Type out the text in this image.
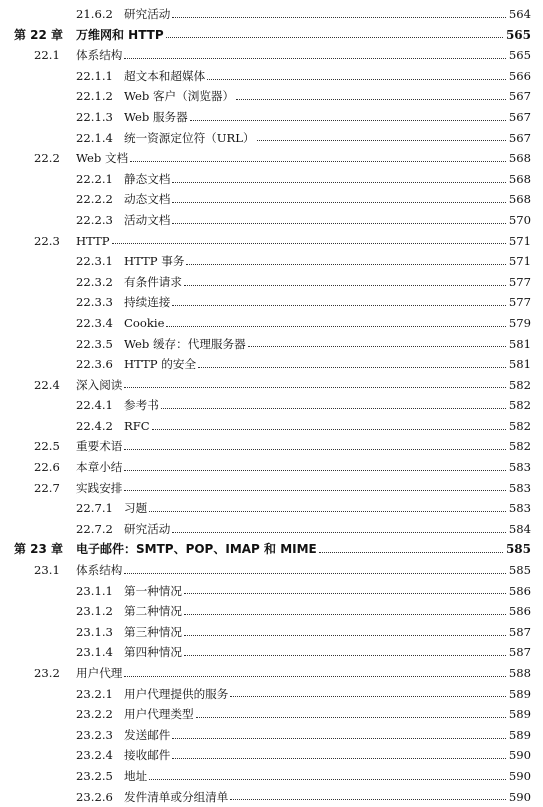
21.6.2 研究活动	564
第 22 章 万维网和 HTTP	565
22.1 体系结构	565
22.1.1 超文本和超媒体	566
22.1.2 Web 客户（浏览器）	567
22.1.3 Web 服务器	567
22.1.4 统一资源定位符（URL）	567
22.2 Web 文档	568
22.2.1 静态文档	568
22.2.2 动态文档	568
22.2.3 活动文档	570
22.3 HTTP	571
22.3.1 HTTP 事务	571
22.3.2 有条件请求	577
22.3.3 持续连接	577
22.3.4 Cookie	579
22.3.5 Web 缓存：代理服务器	581
22.3.6 HTTP 的安全	581
22.4 深入阅读	582
22.4.1 参考书	582
22.4.2 RFC	582
22.5 重要术语	582
22.6 本章小结	583
22.7 实践安排	583
22.7.1 习题	583
22.7.2 研究活动	584
第 23 章 电子邮件：SMTP、POP、IMAP 和 MIME	585
23.1 体系结构	585
23.1.1 第一种情况	586
23.1.2 第二种情况	586
23.1.3 第三种情况	587
23.1.4 第四种情况	587
23.2 用户代理	588
23.2.1 用户代理提供的服务	589
23.2.2 用户代理类型	589
23.2.3 发送邮件	589
23.2.4 接收邮件	590
23.2.5 地址	590
23.2.6 发件清单或分组清单	590
